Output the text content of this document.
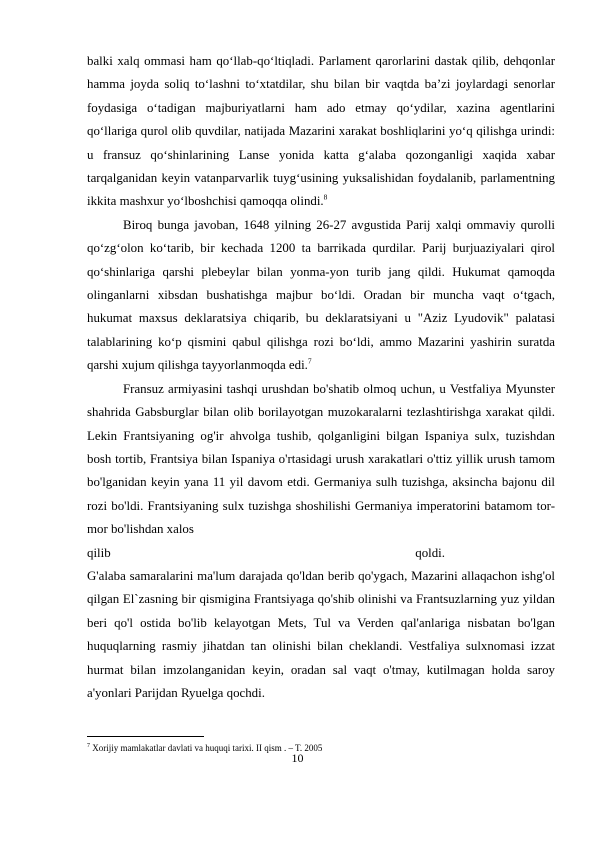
balki xalq ommasi ham qo‘llab-qo‘ltiqladi. Parlament qarorlarini dastak qilib, dehqonlar hamma joyda soliq to‘lashni to‘xtatdilar, shu bilan bir vaqtda ba’zi joylardagi senorlar foydasiga o‘tadigan majburiyatlarni ham ado etmay qo‘ydilar, xazina agentlarini qo‘llariga qurol olib quvdilar, natijada Mazarini xarakat boshliqlarini yo‘q qilishga urindi: u fransuz qo‘shinlarining Lanse yonida katta g‘alaba qozonganligi xaqida xabar tarqalganidan keyin vatanparvarlik tuyg‘usining yuksalishidan foydalanib, parlamentning ikkita mashxur yo‘lboshchisi qamoqqa olindi.$^8$

Biroq bunga javoban, 1648 yilning 26-27 avgustida Parij xalqi ommaviy qurolli qo‘zg‘olon ko‘tarib, bir kechada 1200 ta barrikada qurdilar. Parij burjuaziyalari qirol qo‘shinlariga qarshi plebeylar bilan yonma-yon turib jang qildi. Hukumat qamoqda olinganlarni xibsdan bushatishga majbur bo‘ldi. Oradan bir muncha vaqt o‘tgach, hukumat maxsus deklaratsiya chiqarib, bu deklaratsiyani u "Aziz Lyudovik" palatasi talablarining ko‘p qismini qabul qilishga rozi bo‘ldi, ammo Mazarini yashirin suratda qarshi xujum qilishga tayyorlanmoqda edi.$^7$

Fransuz armiyasini tashqi urushdan bo'shatib olmoq uchun, u Vestfaliya Myunster shahrida Gabsburglar bilan olib borilayotgan muzokaralarni tezlashtirishga xarakat qildi. Lekin Frantsiyaning og'ir ahvolga tushib, qolganligini bilgan Ispaniya sulx, tuzishdan bosh tortib, Frantsiya bilan Ispaniya o'rtasidagi urush xarakatlari o'ttiz yillik urush tamom bo'lganidan keyin yana 11 yil davom etdi. Germaniya sulh tuzishga, aksincha bajonu dil rozi bo'ldi. Frantsiyaning sulx tuzishga shoshilishi Germaniya imperatorini batamom tor-mor bo'lishdan xalos

qilib	qoldi.

G'alaba samaralarini ma'lum darajada qo'ldan berib qo'ygach, Mazarini allaqachon ishg'ol qilgan El`zasning bir qismigina Frantsiyaga qo'shib olinishi va Frantsuzlarning yuz yildan beri qo'l ostida bo'lib kelayotgan Mets, Tul va Verden qal'anlariga nisbatan bo'lgan huquqlarning rasmiy jihatdan tan olinishi bilan cheklandi. Vestfaliya sulxnomasi izzat hurmat bilan imzolanganidan keyin, oradan sal vaqt o'tmay, kutilmagan holda saroy a'yonlari Parijdan Ryuelga qochdi.

$^7$ Xorijiy mamlakatlar davlati va huquqi tarixi. II qism . – T. 2005
10
